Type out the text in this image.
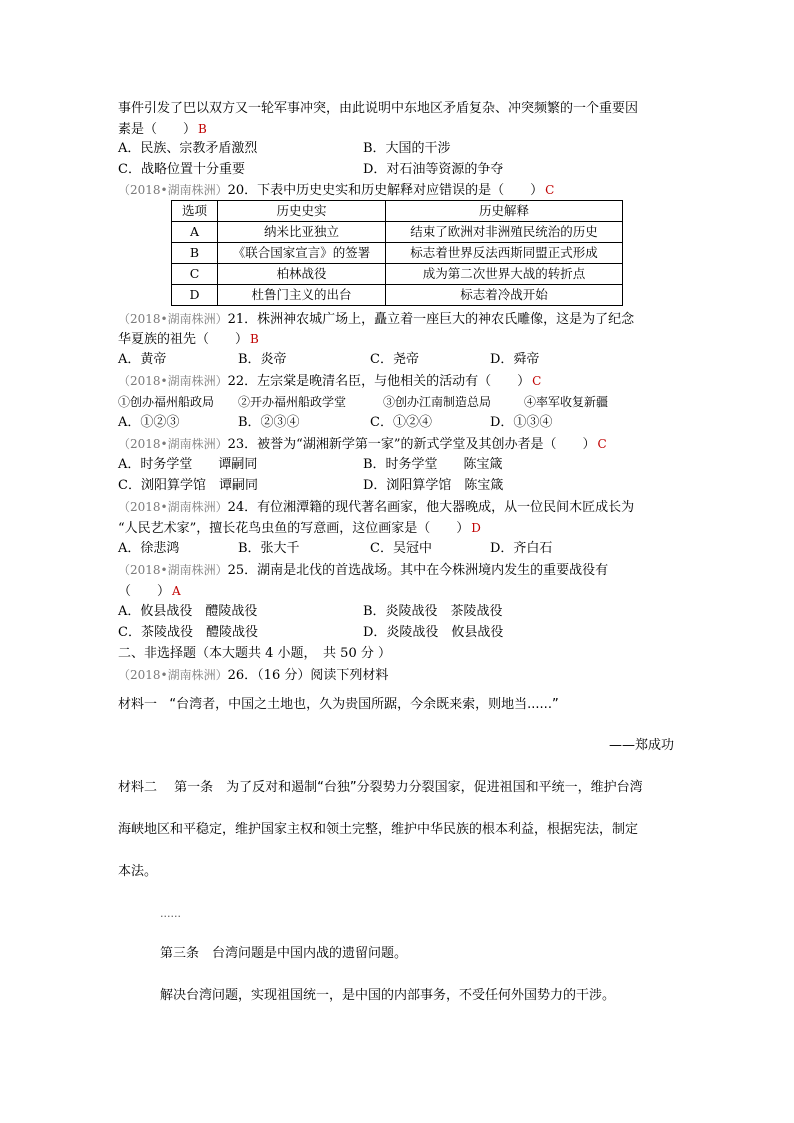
事件引发了巴以双方又一轮军事冲突，由此说明中东地区矛盾复杂、冲突频繁的一个重要因
素是（　　） B
A．民族、宗教矛盾激烈	B．大国的干涉
C．战略位置十分重要	D．对石油等资源的争夺
（2018•湖南株洲）20．下表中历史史实和历史解释对应错误的是（　　） C
选项	历史史实	历史解释
A	纳米比亚独立	结束了欧洲对非洲殖民统治的历史
B	《联合国家宣言》的签署	标志着世界反法西斯同盟正式形成
C	柏林战役	成为第二次世界大战的转折点
D	杜鲁门主义的出台	标志着冷战开始
（2018•湖南株洲）21．株洲神农城广场上，矗立着一座巨大的神农氏雕像，这是为了纪念
华夏族的祖先（　　） B
A．黄帝	B．炎帝	C．尧帝	D．舜帝
（2018•湖南株洲）22．左宗棠是晚清名臣，与他相关的活动有（　　） C
①创办福州船政局 ②开办福州船政学堂	③创办江南制造总局	④率军收复新疆
A．①②③	B．②③④	C．①②④	D．①③④
（2018•湖南株洲）23．被誉为“湖湘新学第一家”的新式学堂及其创办者是（　　） C
A．时务学堂　　谭嗣同	B．时务学堂　　陈宝箴
C．浏阳算学馆　谭嗣同	D．浏阳算学馆　陈宝箴
（2018•湖南株洲）24．有位湘潭籍的现代著名画家，他大器晚成，从一位民间木匠成长为
“人民艺术家”，擅长花鸟虫鱼的写意画，这位画家是（　　） D
A．徐悲鸿	B．张大千	C．吴冠中	D．齐白石
（2018•湖南株洲）25．湖南是北伐的首选战场。其中在今株洲境内发生的重要战役有
（　　） A
A．攸县战役　醴陵战役	B．炎陵战役　茶陵战役
C．茶陵战役　醴陵战役	D．炎陵战役　攸县战役
二、非选择题（本大题共 4 小题，　共 50 分 ）
（2018•湖南株洲）26．（16 分）阅读下列材料
材料一 “台湾者，中国之土地也，久为贵国所踞，今余既来索，则地当......”
——郑成功
材料二　 第一条　为了反对和遏制“台独”分裂势力分裂国家，促进祖国和平统一，维护台湾
海峡地区和平稳定，维护国家主权和领土完整，维护中华民族的根本利益，根据宪法，制定
本法。
......
第三条　台湾问题是中国内战的遗留问题。
解决台湾问题，实现祖国统一，是中国的内部事务，不受任何外国势力的干涉。
